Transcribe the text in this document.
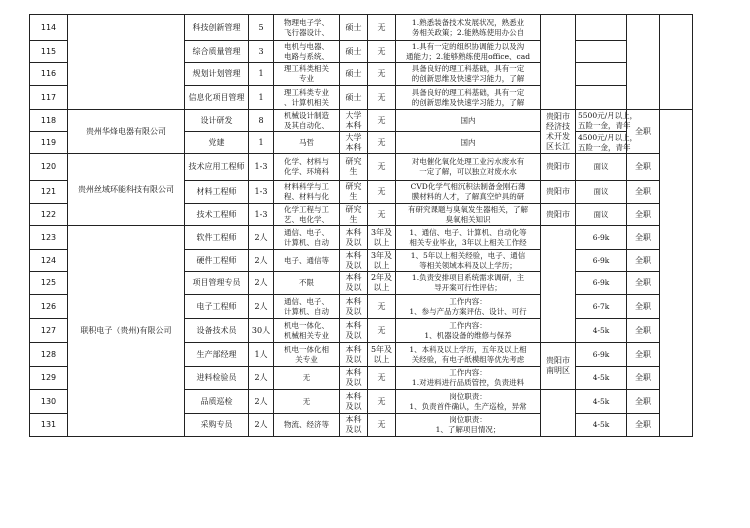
114		科技创新管理	5	物理电子学、
飞行器设计、	硕士	无	1.熟悉装备技术发展状况，熟悉业
务相关政策；2.能熟练使用办公自				

115		综合质量管理	3	电机与电器、
电路与系统、	硕士	无	1.具有一定的组织协调能力以及沟
通能力；2.能够熟练使用office、cad				

116		规划计划管理	1	理工科类相关
专业	硕士	无	具备良好的理工科基础，具有一定
的创新思维及快速学习能力，了解				

117		信息化项目管理	1	理工科类专业
、计算机相关	硕士	无	具备良好的理工科基础，具有一定
的创新思维及快速学习能力，了解				

118	贵州华烽电器有限公司	设计研发	8	机械设计制造
及其自动化、	大学本科	无	国内	贵阳市
经济技
术开发
区长江	5500元/月以上，
五险一金，青年	全职	
119		党建	1	马哲	大学本科	无	国内		4500元/月以上，
五险一金，青年		

120	贵州丝域环能科技有限公司	技术应用工程师	1-3	化学、材料与
化学、环境科	研究生	无	对电催化氧化处理工业污水废水有
一定了解，可以独立对废水水	贵阳市	面议	全职	
121		材料工程师	1-3	材料科学与工
程、材料与化	研究生	无	CVD化学气相沉积法制备金刚石薄
膜材料的人才，了解真空炉具的研	贵阳市	面议	全职	
122		技术工程师	1-3	化学工程与工
艺、电化学、	研究生	无	有研究课题与臭氧发生器相关，了解
臭氧相关知识	贵阳市	面议	全职	
123	联积电子（贵州)有限公司	软件工程师	2人	通信、电子、
计算机、自动	本科及以	3年及
以上	1、通信、电子、计算机、自动化等
相关专业毕业，3年以上相关工作经		6-9k	全职	
124		硬件工程师	2人	电子、通信等	本科及以	3年及
以上	1、5年以上相关经验，电子、通信
等相关领域本科及以上学历；		6-9k	全职	
125		项目管理专员	2人	不限	本科及以	2年及
以上	1.负责安排项目系统需求调研，主
导开案可行性评估；		6-9k	全职	
126		电子工程师	2人	通信、电子、
计算机、自动	本科及以	无	工作内容：
1、参与产品方案评估、设计、可行		6-7k	全职	
127		设备技术员	30人	机电一体化、
机械相关专业	本科及以	无	工作内容：
1、机器设备的维修与保养		4-5k	全职	
128		生产部经理	1人	机电一体化相
关专业	本科及以	5年及
以上	1、本科及以上学历，五年及以上相
关经验，有电子纸模组等优先考虑	贵阳市
南明区	6-9k	全职	
129		进料检验员	2人	无	本科及以	无	工作内容：
1.对进料进行品质管控，负责进料		4-5k	全职	
130		品质巡检	2人	无	本科及以	无	岗位职责：
1、负责首件确认，生产巡检，异常		4-5k	全职	
131		采购专员	2人	物流、经济等	本科及以	无	岗位职责：
1、了解项目情况；		4-5k	全职	
